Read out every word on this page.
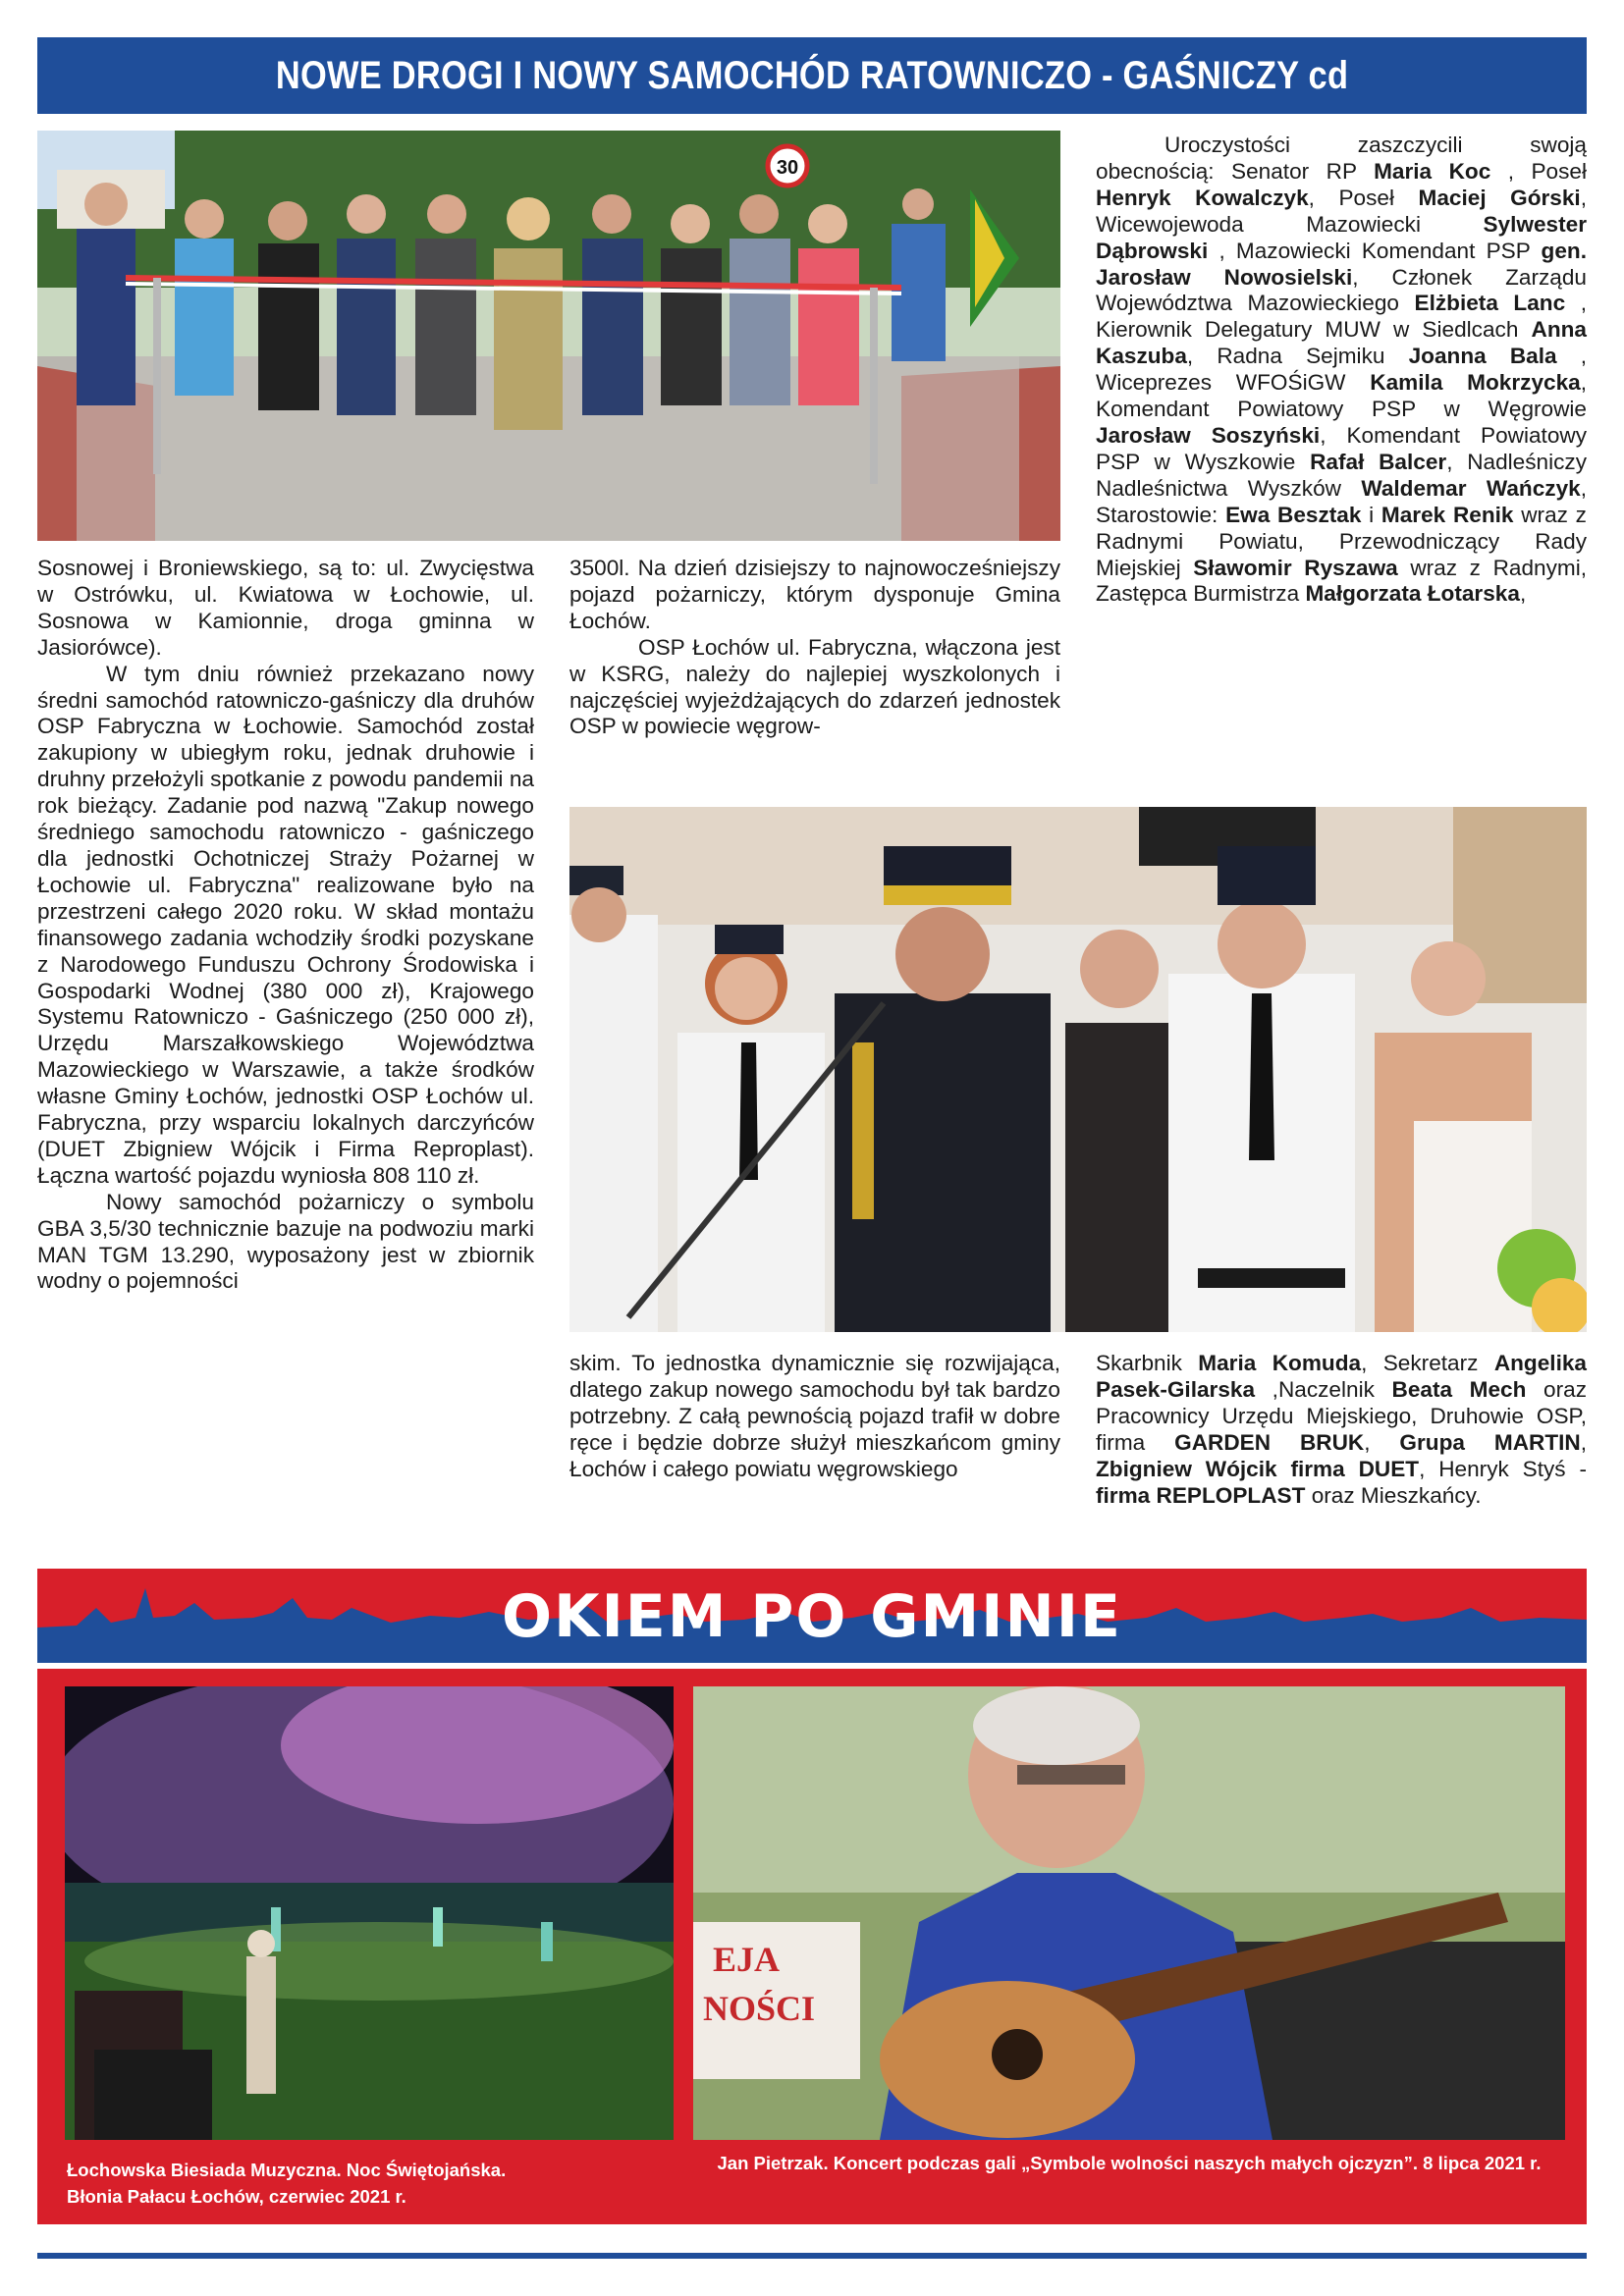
NOWE DROGI I NOWY SAMOCHÓD RATOWNICZO - GAŚNICZY cd
30

Sosnowej i Broniewskiego, są to: ul. Zwycięstwa w Ostrówku, ul. Kwiatowa w Łochowie, ul. Sosnowa w Kamionnie, droga gminna w Jasiorówce).

W tym dniu również przekazano nowy średni samochód ratowniczo-gaśniczy dla druhów OSP Fabryczna w Łochowie. Samochód został zakupiony w ubiegłym roku, jednak druhowie i druhny przełożyli spotkanie z powodu pandemii na rok bieżący. Zadanie pod nazwą "Zakup nowego średniego samochodu ratowniczo - gaśniczego dla jednostki Ochotniczej Straży Pożarnej w Łochowie ul. Fabryczna" realizowane było na przestrzeni całego 2020 roku. W skład montażu finansowego zadania wchodziły środki pozyskane z Narodowego Funduszu Ochrony Środowiska i Gospodarki Wodnej (380 000 zł), Krajowego Systemu Ratowniczo - Gaśniczego (250 000 zł), Urzędu Marszałkowskiego Województwa Mazowieckiego w Warszawie, a także środków własne Gminy Łochów, jednostki OSP Łochów ul. Fabryczna, przy wsparciu lokalnych darczyńców (DUET Zbigniew Wójcik i Firma Reproplast). Łączna wartość pojazdu wyniosła 808 110 zł.

Nowy samochód pożarniczy o symbolu GBA 3,5/30 technicznie bazuje na podwoziu marki MAN TGM 13.290, wyposażony jest w zbiornik wodny o pojemności

3500l. Na dzień dzisiejszy to najnowocześniejszy pojazd pożarniczy, którym dysponuje Gmina Łochów.

OSP Łochów ul. Fabryczna, włączona jest w KSRG, należy do najlepiej wyszkolonych i najczęściej wyjeżdżających do zdarzeń jednostek OSP w powiecie węgrow-

Uroczystości zaszczycili swoją obecnością: Senator RP Maria Koc , Poseł Henryk Kowalczyk, Poseł Maciej Górski, Wicewojewoda Mazowiecki Sylwester Dąbrowski , Mazowiecki Komendant PSP gen. Jarosław Nowosielski, Członek Zarządu Województwa Mazowieckiego Elżbieta Lanc , Kierownik Delegatury MUW w Siedlcach Anna Kaszuba, Radna Sejmiku Joanna Bala , Wiceprezes WFOŚiGW Kamila Mokrzycka, Komendant Powiatowy PSP w Węgrowie Jarosław Soszyński, Komendant Powiatowy PSP w Wyszkowie Rafał Balcer, Nadleśniczy Nadleśnictwa Wyszków Waldemar Wańczyk, Starostowie: Ewa Besztak i Marek Renik wraz z Radnymi Powiatu, Przewodniczący Rady Miejskiej Sławomir Ryszawa wraz z Radnymi, Zastępca Burmistrza Małgorzata Łotarska,

skim. To jednostka dynamicznie się rozwijająca, dlatego zakup nowego samochodu był tak bardzo potrzebny. Z całą pewnością pojazd trafił w dobre ręce i będzie dobrze służył mieszkańcom gminy Łochów i całego powiatu węgrowskiego

Skarbnik Maria Komuda, Sekretarz Angelika Pasek-Gilarska ,Naczelnik Beata Mech oraz Pracownicy Urzędu Miejskiego, Druhowie OSP, firma GARDEN BRUK, Grupa MARTIN, Zbigniew Wójcik firma DUET, Henryk Styś - firma REPLOPLAST oraz Mieszkańcy.

OKIEM PO GMINIE
EJA
NOŚCI
Łochowska Biesiada Muzyczna. Noc Świętojańska.
Błonia Pałacu Łochów, czerwiec 2021 r.
Jan Pietrzak. Koncert podczas gali „Symbole wolności naszych małych ojczyzn”. 8 lipca 2021 r.
